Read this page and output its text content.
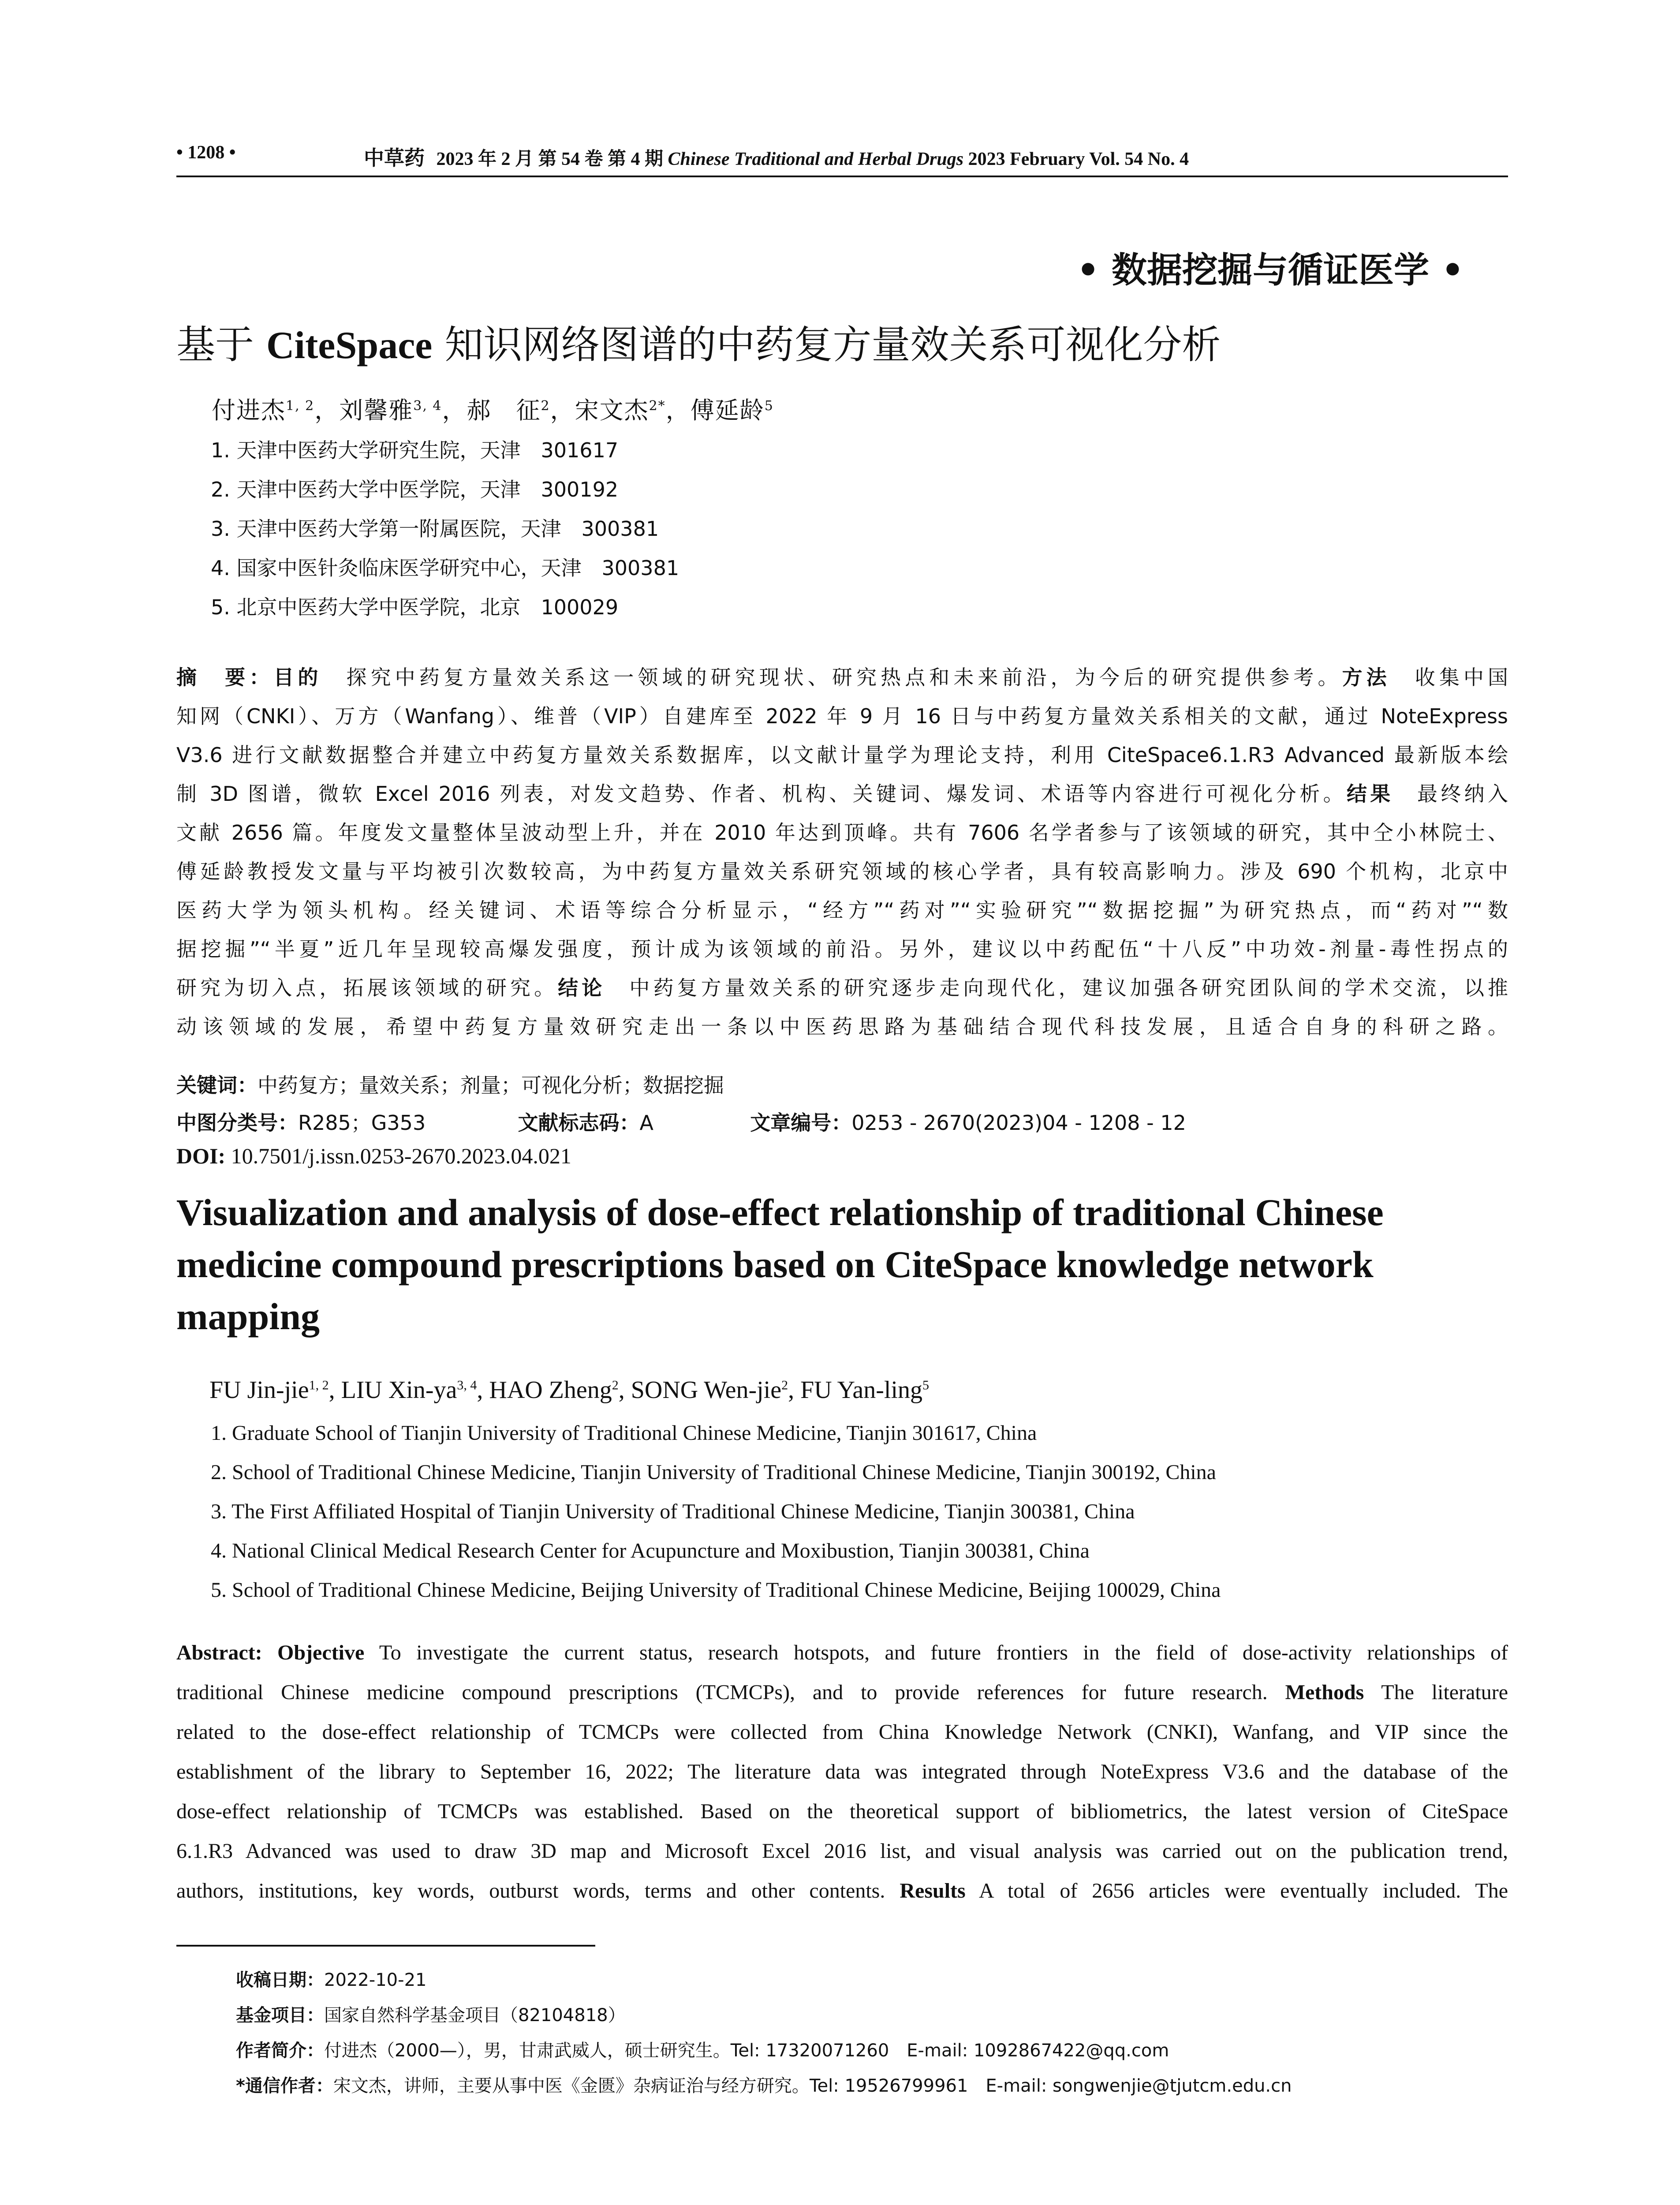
• 1208 •	中草药 2023 年 2 月 第 54 卷 第 4 期 Chinese Traditional and Herbal Drugs 2023 February Vol. 54 No. 4
• 数据挖掘与循证医学 •
基于 CiteSpace 知识网络图谱的中药复方量效关系可视化分析
付进杰$^{1, 2}$，刘馨雅$^{3, 4}$，郝　征$^2$，宋文杰$^{2*}$，傅延龄$^5$
1. 天津中医药大学研究生院，天津　301617
2. 天津中医药大学中医学院，天津　300192
3. 天津中医药大学第一附属医院，天津　300381
4. 国家中医针灸临床医学研究中心，天津　300381
5. 北京中医药大学中医学院，北京　100029
摘　要：目的　探究中药复方量效关系这一领域的研究现状、研究热点和未来前沿，为今后的研究提供参考。方法　收集中国
知网（CNKI）、万方（Wanfang）、维普（VIP）自建库至 2022 年 9 月 16 日与中药复方量效关系相关的文献，通过 NoteExpress
V3.6 进行文献数据整合并建立中药复方量效关系数据库，以文献计量学为理论支持，利用 CiteSpace6.1.R3 Advanced 最新版本绘
制 3D 图谱，微软 Excel 2016 列表，对发文趋势、作者、机构、关键词、爆发词、术语等内容进行可视化分析。结果　最终纳入
文献 2656 篇。年度发文量整体呈波动型上升，并在 2010 年达到顶峰。共有 7606 名学者参与了该领域的研究，其中仝小林院士、
傅延龄教授发文量与平均被引次数较高，为中药复方量效关系研究领域的核心学者，具有较高影响力。涉及 690 个机构，北京中
医药大学为领头机构。经关键词、术语等综合分析显示，“经方”“药对”“实验研究”“数据挖掘”为研究热点，而“药对”“数
据挖掘”“半夏”近几年呈现较高爆发强度，预计成为该领域的前沿。另外，建议以中药配伍“十八反”中功效-剂量-毒性拐点的
研究为切入点，拓展该领域的研究。结论　中药复方量效关系的研究逐步走向现代化，建议加强各研究团队间的学术交流，以推
动该领域的发展，希望中药复方量效研究走出一条以中医药思路为基础结合现代科技发展，且适合自身的科研之路。
关键词：中药复方；量效关系；剂量；可视化分析；数据挖掘
中图分类号：R285；G353	文献标志码：A	文章编号：0253 - 2670(2023)04 - 1208 - 12
DOI: 10.7501/j.issn.0253-2670.2023.04.021
Visualization and analysis of dose-effect relationship of traditional Chinese medicine compound prescriptions based on CiteSpace knowledge network mapping
FU Jin-jie$^{1, 2}$, LIU Xin-ya$^{3, 4}$, HAO Zheng$^2$, SONG Wen-jie$^2$, FU Yan-ling$^5$
1. Graduate School of Tianjin University of Traditional Chinese Medicine, Tianjin 301617, China
2. School of Traditional Chinese Medicine, Tianjin University of Traditional Chinese Medicine, Tianjin 300192, China
3. The First Affiliated Hospital of Tianjin University of Traditional Chinese Medicine, Tianjin 300381, China
4. National Clinical Medical Research Center for Acupuncture and Moxibustion, Tianjin 300381, China
5. School of Traditional Chinese Medicine, Beijing University of Traditional Chinese Medicine, Beijing 100029, China
Abstract: Objective To investigate the current status, research hotspots, and future frontiers in the field of dose-activity relationships of
traditional Chinese medicine compound prescriptions (TCMCPs), and to provide references for future research. Methods The literature
related to the dose-effect relationship of TCMCPs were collected from China Knowledge Network (CNKI), Wanfang, and VIP since the
establishment of the library to September 16, 2022; The literature data was integrated through NoteExpress V3.6 and the database of the
dose-effect relationship of TCMCPs was established. Based on the theoretical support of bibliometrics, the latest version of CiteSpace
6.1.R3 Advanced was used to draw 3D map and Microsoft Excel 2016 list, and visual analysis was carried out on the publication trend,
authors, institutions, key words, outburst words, terms and other contents. Results A total of 2656 articles were eventually included. The
收稿日期：2022-10-21
基金项目：国家自然科学基金项目（82104818）
作者简介：付进杰（2000—），男，甘肃武威人，硕士研究生。Tel: 17320071260　E-mail: 1092867422@qq.com
*通信作者：宋文杰，讲师，主要从事中医《金匮》杂病证治与经方研究。Tel: 19526799961　E-mail: songwenjie@tjutcm.edu.cn
